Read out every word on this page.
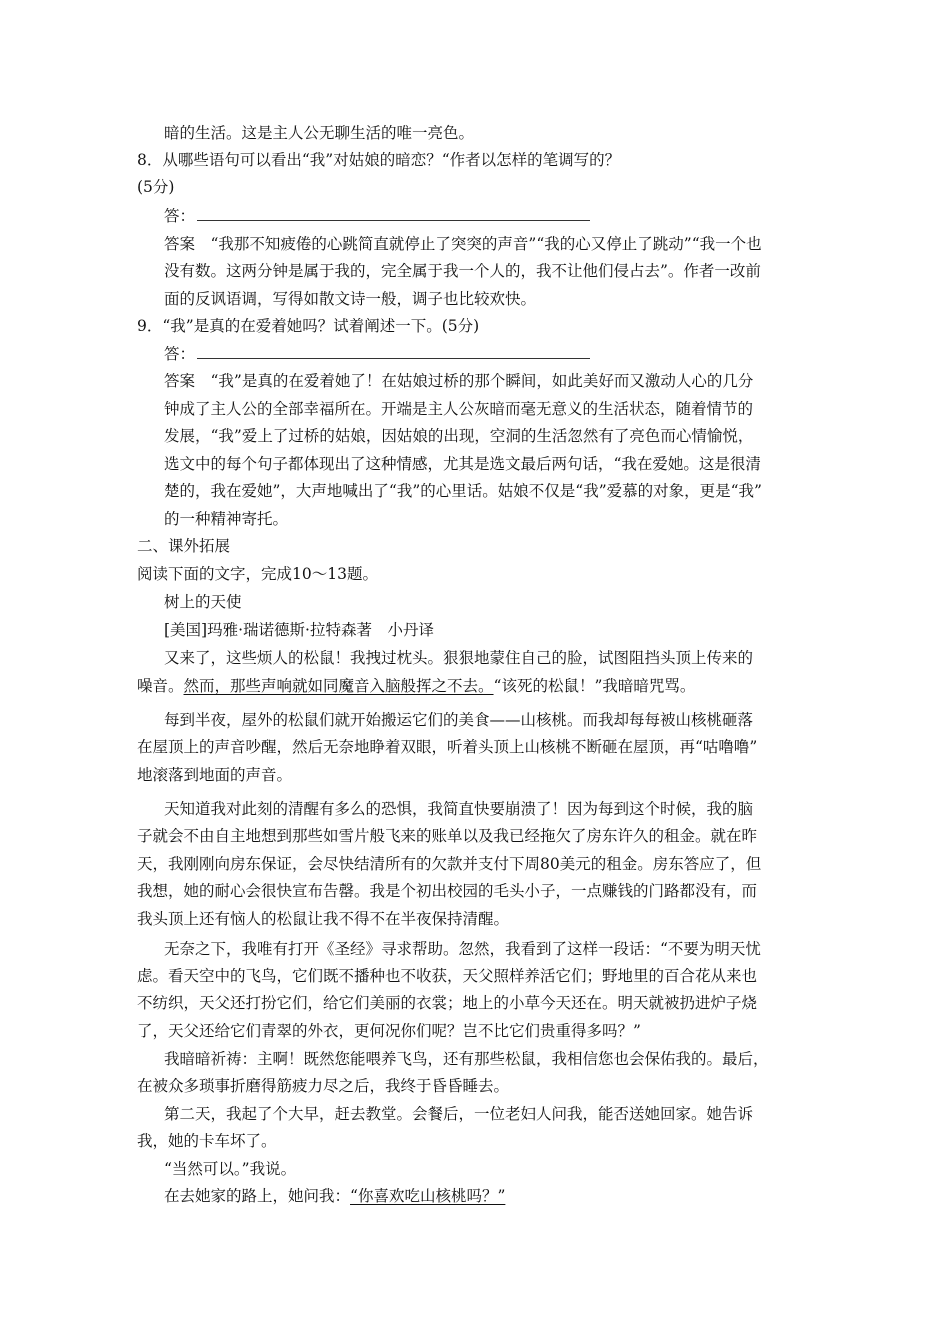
暗的生活。这是主人公无聊生活的唯一亮色。
8．从哪些语句可以看出“我”对姑娘的暗恋？“作者以怎样的笔调写的？
(5分)
答：
答案　“我那不知疲倦的心跳简直就停止了突突的声音”“我的心又停止了跳动”“我一个也
没有数。这两分钟是属于我的，完全属于我一个人的，我不让他们侵占去”。作者一改前
面的反讽语调，写得如散文诗一般，调子也比较欢快。
9．“我”是真的在爱着她吗？试着阐述一下。(5分)
答：
答案　“我”是真的在爱着她了！在姑娘过桥的那个瞬间，如此美好而又激动人心的几分
钟成了主人公的全部幸福所在。开端是主人公灰暗而毫无意义的生活状态，随着情节的
发展，“我”爱上了过桥的姑娘，因姑娘的出现，空洞的生活忽然有了亮色而心情愉悦，
选文中的每个句子都体现出了这种情感，尤其是选文最后两句话，“我在爱她。这是很清
楚的，我在爱她”，大声地喊出了“我”的心里话。姑娘不仅是“我”爱慕的对象，更是“我”
的一种精神寄托。
二、课外拓展
阅读下面的文字，完成10～13题。
树上的天使
[美国]玛雅·瑞诺德斯·拉特森著　小丹译
又来了，这些烦人的松鼠！我拽过枕头。狠狠地蒙住自己的脸，试图阻挡头顶上传来的
噪音。然而，那些声响就如同魔音入脑般挥之不去。“该死的松鼠！”我暗暗咒骂。
每到半夜，屋外的松鼠们就开始搬运它们的美食——山核桃。而我却每每被山核桃砸落
在屋顶上的声音吵醒，然后无奈地睁着双眼，听着头顶上山核桃不断砸在屋顶，再“咕噜噜”
地滚落到地面的声音。
天知道我对此刻的清醒有多么的恐惧，我简直快要崩溃了！因为每到这个时候，我的脑
子就会不由自主地想到那些如雪片般飞来的账单以及我已经拖欠了房东许久的租金。就在昨
天，我刚刚向房东保证，会尽快结清所有的欠款并支付下周80美元的租金。房东答应了，但
我想，她的耐心会很快宣布告罄。我是个初出校园的毛头小子，一点赚钱的门路都没有，而
我头顶上还有恼人的松鼠让我不得不在半夜保持清醒。
无奈之下，我唯有打开《圣经》寻求帮助。忽然，我看到了这样一段话：“不要为明天忧
虑。看天空中的飞鸟，它们既不播种也不收获，天父照样养活它们；野地里的百合花从来也
不纺织，天父还打扮它们，给它们美丽的衣裳；地上的小草今天还在。明天就被扔进炉子烧
了，天父还给它们青翠的外衣，更何况你们呢？岂不比它们贵重得多吗？”
我暗暗祈祷：主啊！既然您能喂养飞鸟，还有那些松鼠，我相信您也会保佑我的。最后，
在被众多琐事折磨得筋疲力尽之后，我终于昏昏睡去。
第二天，我起了个大早，赶去教堂。会餐后，一位老妇人问我，能否送她回家。她告诉
我，她的卡车坏了。
“当然可以。”我说。
在去她家的路上，她问我：“你喜欢吃山核桃吗？”
